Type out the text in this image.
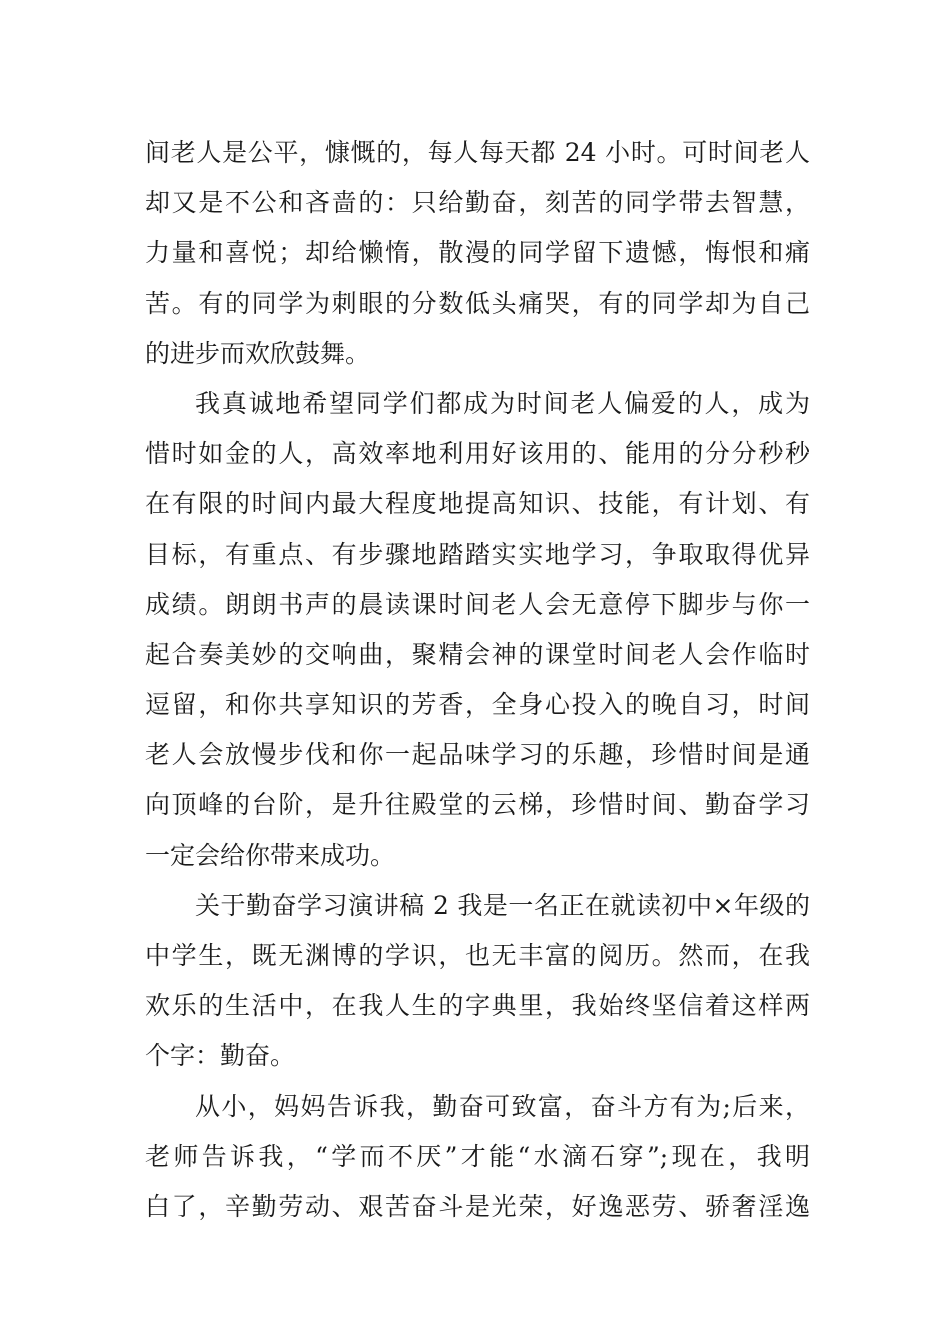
间老人是公平，慷慨的，每人每天都 24 小时。可时间老人
却又是不公和吝啬的：只给勤奋，刻苦的同学带去智慧，
力量和喜悦；却给懒惰，散漫的同学留下遗憾，悔恨和痛
苦。有的同学为刺眼的分数低头痛哭，有的同学却为自己
的进步而欢欣鼓舞。
我真诚地希望同学们都成为时间老人偏爱的人，成为
惜时如金的人，高效率地利用好该用的、能用的分分秒秒
在有限的时间内最大程度地提高知识、技能，有计划、有
目标，有重点、有步骤地踏踏实实地学习，争取取得优异
成绩。朗朗书声的晨读课时间老人会无意停下脚步与你一
起合奏美妙的交响曲，聚精会神的课堂时间老人会作临时
逗留，和你共享知识的芳香，全身心投入的晚自习，时间
老人会放慢步伐和你一起品味学习的乐趣，珍惜时间是通
向顶峰的台阶，是升往殿堂的云梯，珍惜时间、勤奋学习
一定会给你带来成功。
关于勤奋学习演讲稿 2 我是一名正在就读初中×年级的
中学生，既无渊博的学识，也无丰富的阅历。然而，在我
欢乐的生活中，在我人生的字典里，我始终坚信着这样两
个字：勤奋。
从小，妈妈告诉我，勤奋可致富，奋斗方有为;后来，
老师告诉我，“学而不厌”才能“水滴石穿”;现在，我明
白了，辛勤劳动、艰苦奋斗是光荣，好逸恶劳、骄奢淫逸
